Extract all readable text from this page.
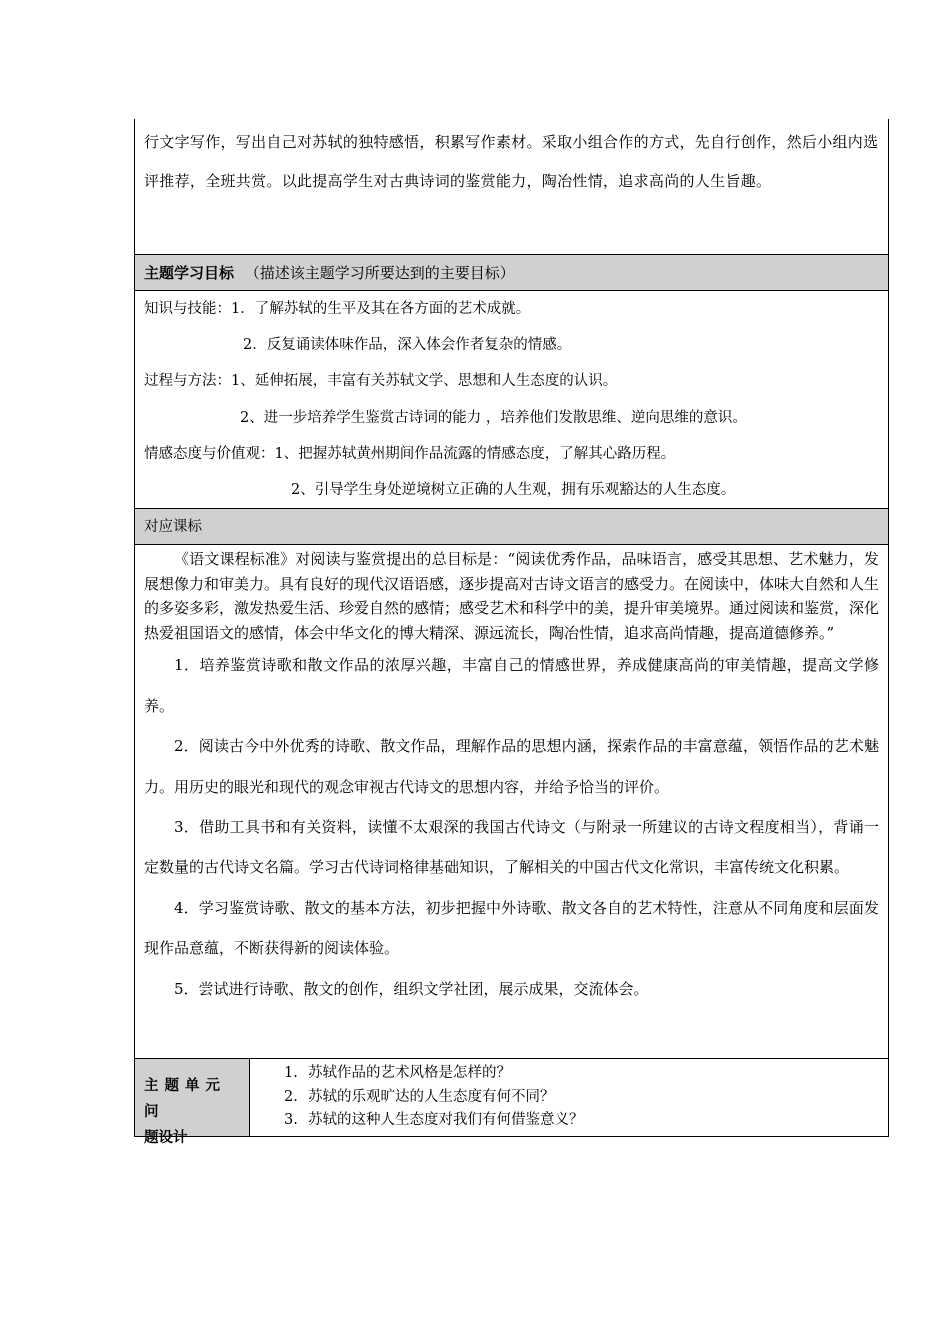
行文字写作，写出自己对苏轼的独特感悟，积累写作素材。采取小组合作的方式，先自行创作，然后小组内选评推荐，全班共赏。以此提高学生对古典诗词的鉴赏能力，陶冶性情，追求高尚的人生旨趣。
主题学习目标 （描述该主题学习所要达到的主要目标）

知识与技能：1．了解苏轼的生平及其在各方面的艺术成就。

2．反复诵读体味作品，深入体会作者复杂的情感。

过程与方法：1、延伸拓展，丰富有关苏轼文学、思想和人生态度的认识。

2、进一步培养学生鉴赏古诗词的能力 ，培养他们发散思维、逆向思维的意识。

情感态度与价值观：1、把握苏轼黄州期间作品流露的情感态度，了解其心路历程。

2、引导学生身处逆境树立正确的人生观，拥有乐观豁达的人生态度。

对应课标

《语文课程标准》对阅读与鉴赏提出的总目标是：“阅读优秀作品，品味语言，感受其思想、艺术魅力，发展想像力和审美力。具有良好的现代汉语语感，逐步提高对古诗文语言的感受力。在阅读中，体味大自然和人生的多姿多彩，激发热爱生活、珍爱自然的感情；感受艺术和科学中的美，提升审美境界。通过阅读和鉴赏，深化热爱祖国语文的感情，体会中华文化的博大精深、源远流长，陶冶性情，追求高尚情趣，提高道德修养。”

1．培养鉴赏诗歌和散文作品的浓厚兴趣，丰富自己的情感世界，养成健康高尚的审美情趣，提高文学修养。

2．阅读古今中外优秀的诗歌、散文作品，理解作品的思想内涵，探索作品的丰富意蕴，领悟作品的艺术魅力。用历史的眼光和现代的观念审视古代诗文的思想内容，并给予恰当的评价。

3．借助工具书和有关资料，读懂不太艰深的我国古代诗文（与附录一所建议的古诗文程度相当），背诵一定数量的古代诗文名篇。学习古代诗词格律基础知识，了解相关的中国古代文化常识，丰富传统文化积累。

4．学习鉴赏诗歌、散文的基本方法，初步把握中外诗歌、散文各自的艺术特性，注意从不同角度和层面发现作品意蕴，不断获得新的阅读体验。

5．尝试进行诗歌、散文的创作，组织文学社团，展示成果，交流体会。

主题单元问
题设计
1. 苏轼作品的艺术风格是怎样的？
2. 苏轼的乐观旷达的人生态度有何不同？
3. 苏轼的这种人生态度对我们有何借鉴意义？
